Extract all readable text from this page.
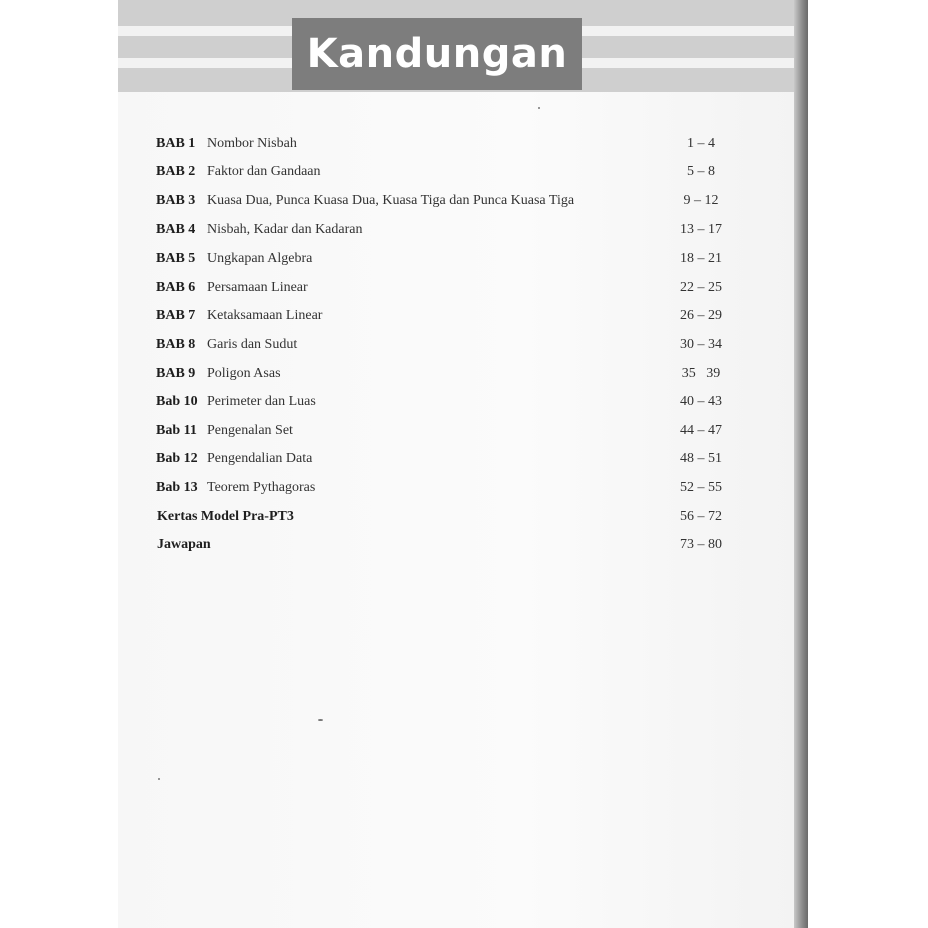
Kandungan
BAB 1 Nombor Nisbah	1 – 4
BAB 2 Faktor dan Gandaan	5 – 8
BAB 3 Kuasa Dua, Punca Kuasa Dua, Kuasa Tiga dan Punca Kuasa Tiga	9 – 12
BAB 4 Nisbah, Kadar dan Kadaran	13 – 17
BAB 5 Ungkapan Algebra	18 – 21
BAB 6 Persamaan Linear	22 – 25
BAB 7 Ketaksamaan Linear	26 – 29
BAB 8 Garis dan Sudut	30 – 34
BAB 9 Poligon Asas	35   39
Bab 10 Perimeter dan Luas	40 – 43
Bab 11 Pengenalan Set	44 – 47
Bab 12 Pengendalian Data	48 – 51
Bab 13 Teorem Pythagoras	52 – 55
Kertas Model Pra-PT3	56 – 72
Jawapan	73 – 80
